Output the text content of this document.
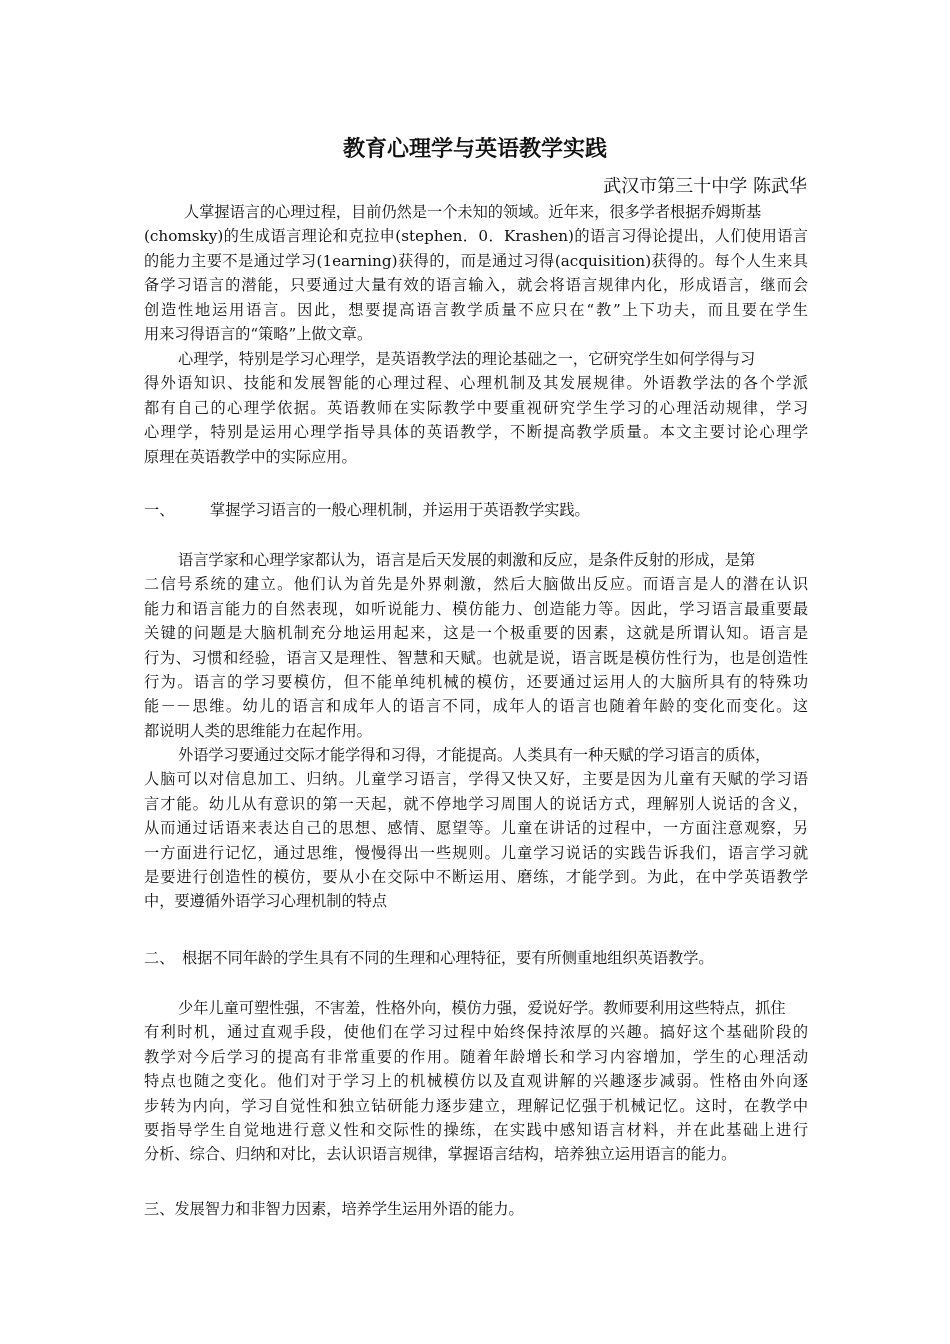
教育心理学与英语教学实践
武汉市第三十中学 陈武华
人掌握语言的心理过程，目前仍然是一个未知的领域。近年来，很多学者根据乔姆斯基
(chomsky)的生成语言理论和克拉申(stephen．0．Krashen)的语言习得论提出，人们使用语言
的能力主要不是通过学习(1earning)获得的，而是通过习得(acquisition)获得的。每个人生来具
备学习语言的潜能，只要通过大量有效的语言输入，就会将语言规律内化，形成语言，继而会
创造性地运用语言。因此，想要提高语言教学质量不应只在“教”上下功夫，而且要在学生
用来习得语言的“策略”上做文章。
心理学，特别是学习心理学，是英语教学法的理论基础之一，它研究学生如何学得与习
得外语知识、技能和发展智能的心理过程、心理机制及其发展规律。外语教学法的各个学派
都有自己的心理学依据。英语教师在实际教学中要重视研究学生学习的心理活动规律，学习
心理学，特别是运用心理学指导具体的英语教学，不断提高教学质量。本文主要讨论心理学
原理在英语教学中的实际应用。
一、 掌握学习语言的一般心理机制，并运用于英语教学实践。
语言学家和心理学家都认为，语言是后天发展的刺激和反应，是条件反射的形成，是第
二信号系统的建立。他们认为首先是外界刺激，然后大脑做出反应。而语言是人的潜在认识
能力和语言能力的自然表现，如听说能力、模仿能力、创造能力等。因此，学习语言最重要最
关键的问题是大脑机制充分地运用起来，这是一个极重要的因素，这就是所谓认知。语言是
行为、习惯和经验，语言又是理性、智慧和天赋。也就是说，语言既是模仿性行为，也是创造性
行为。语言的学习要模仿，但不能单纯机械的模仿，还要通过运用人的大脑所具有的特殊功
能－－思维。幼儿的语言和成年人的语言不同，成年人的语言也随着年龄的变化而变化。这
都说明人类的思维能力在起作用。
外语学习要通过交际才能学得和习得，才能提高。人类具有一种天赋的学习语言的质体，
人脑可以对信息加工、归纳。儿童学习语言，学得又快又好，主要是因为儿童有天赋的学习语
言才能。幼儿从有意识的第一天起，就不停地学习周围人的说话方式，理解别人说话的含义，
从而通过话语来表达自己的思想、感情、愿望等。儿童在讲话的过程中，一方面注意观察，另
一方面进行记忆，通过思维，慢慢得出一些规则。儿童学习说话的实践告诉我们，语言学习就
是要进行创造性的模仿，要从小在交际中不断运用、磨练，才能学到。为此，在中学英语教学
中，要遵循外语学习心理机制的特点
二、 根据不同年龄的学生具有不同的生理和心理特征，要有所侧重地组织英语教学。
少年儿童可塑性强，不害羞，性格外向，模仿力强，爱说好学。教师要利用这些特点，抓住
有利时机，通过直观手段，使他们在学习过程中始终保持浓厚的兴趣。搞好这个基础阶段的
教学对今后学习的提高有非常重要的作用。随着年龄增长和学习内容增加，学生的心理活动
特点也随之变化。他们对于学习上的机械模仿以及直观讲解的兴趣逐步减弱。性格由外向逐
步转为内向，学习自觉性和独立钻研能力逐步建立，理解记忆强于机械记忆。这时，在教学中
要指导学生自觉地进行意义性和交际性的操练，在实践中感知语言材料，并在此基础上进行
分析、综合、归纳和对比，去认识语言规律，掌握语言结构，培养独立运用语言的能力。
三、发展智力和非智力因素，培养学生运用外语的能力。
